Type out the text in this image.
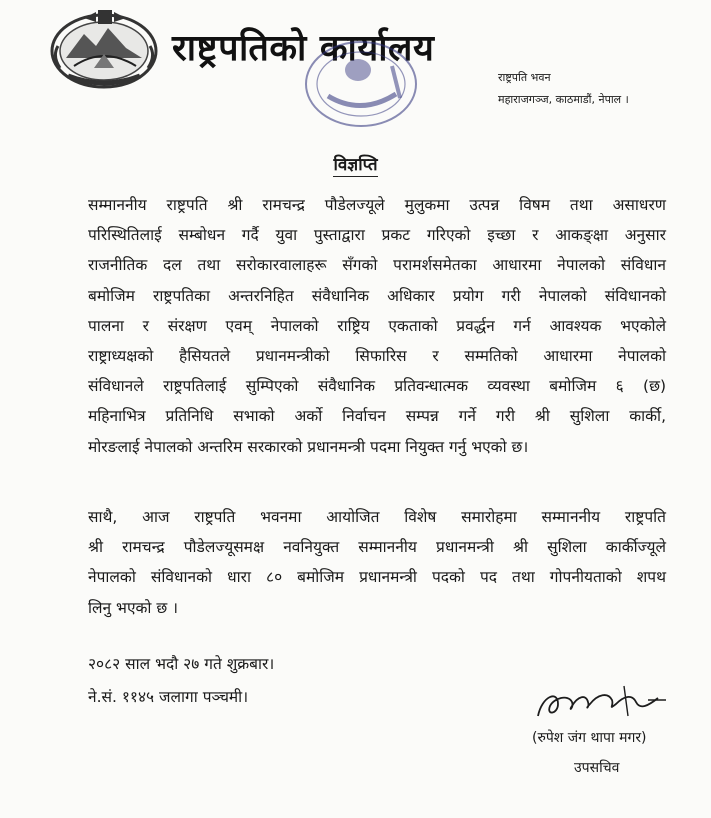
राष्ट्रपतिको कार्यालय
राष्ट्रपति भवन
महाराजगञ्ज, काठमाडौं, नेपाल ।
विज्ञप्ति
सम्माननीय राष्ट्रपति श्री रामचन्द्र पौडेलज्यूले मुलुकमा उत्पन्न विषम तथा असाधरण
परिस्थितिलाई सम्बोधन गर्दै युवा पुस्ताद्वारा प्रकट गरिएको इच्छा र आकङ्क्षा अनुसार
राजनीतिक दल तथा सरोकारवालाहरू सँगको परामर्शसमेतका आधारमा नेपालको संविधान
बमोजिम राष्ट्रपतिका अन्तरनिहित संवैधानिक अधिकार प्रयोग गरी नेपालको संविधानको
पालना र संरक्षण एवम् नेपालको राष्ट्रिय एकताको प्रवर्द्धन गर्न आवश्यक भएकोले
राष्ट्राध्यक्षको हैसियतले प्रधानमन्त्रीको सिफारिस र सम्मतिको आधारमा नेपालको
संविधानले राष्ट्रपतिलाई सुम्पिएको संवैधानिक प्रतिवन्धात्मक व्यवस्था बमोजिम ६ (छ)
महिनाभित्र प्रतिनिधि सभाको अर्को निर्वाचन सम्पन्न गर्ने गरी श्री सुशिला कार्की,
मोरङलाई नेपालको अन्तरिम सरकारको प्रधानमन्त्री पदमा नियुक्त गर्नु भएको छ।
साथै, आज राष्ट्रपति भवनमा आयोजित विशेष समारोहमा सम्माननीय राष्ट्रपति
श्री रामचन्द्र पौडेलज्यूसमक्ष नवनियुक्त सम्माननीय प्रधानमन्त्री श्री सुशिला कार्कीज्यूले
नेपालको संविधानको धारा ८० बमोजिम प्रधानमन्त्री पदको पद तथा गोपनीयताको शपथ
लिनु भएको छ ।
२०८२ साल भदौ २७ गते शुक्रबार।
ने.सं. ११४५ जलागा पञ्चमी।
(रुपेश जंग थापा मगर)
उपसचिव
